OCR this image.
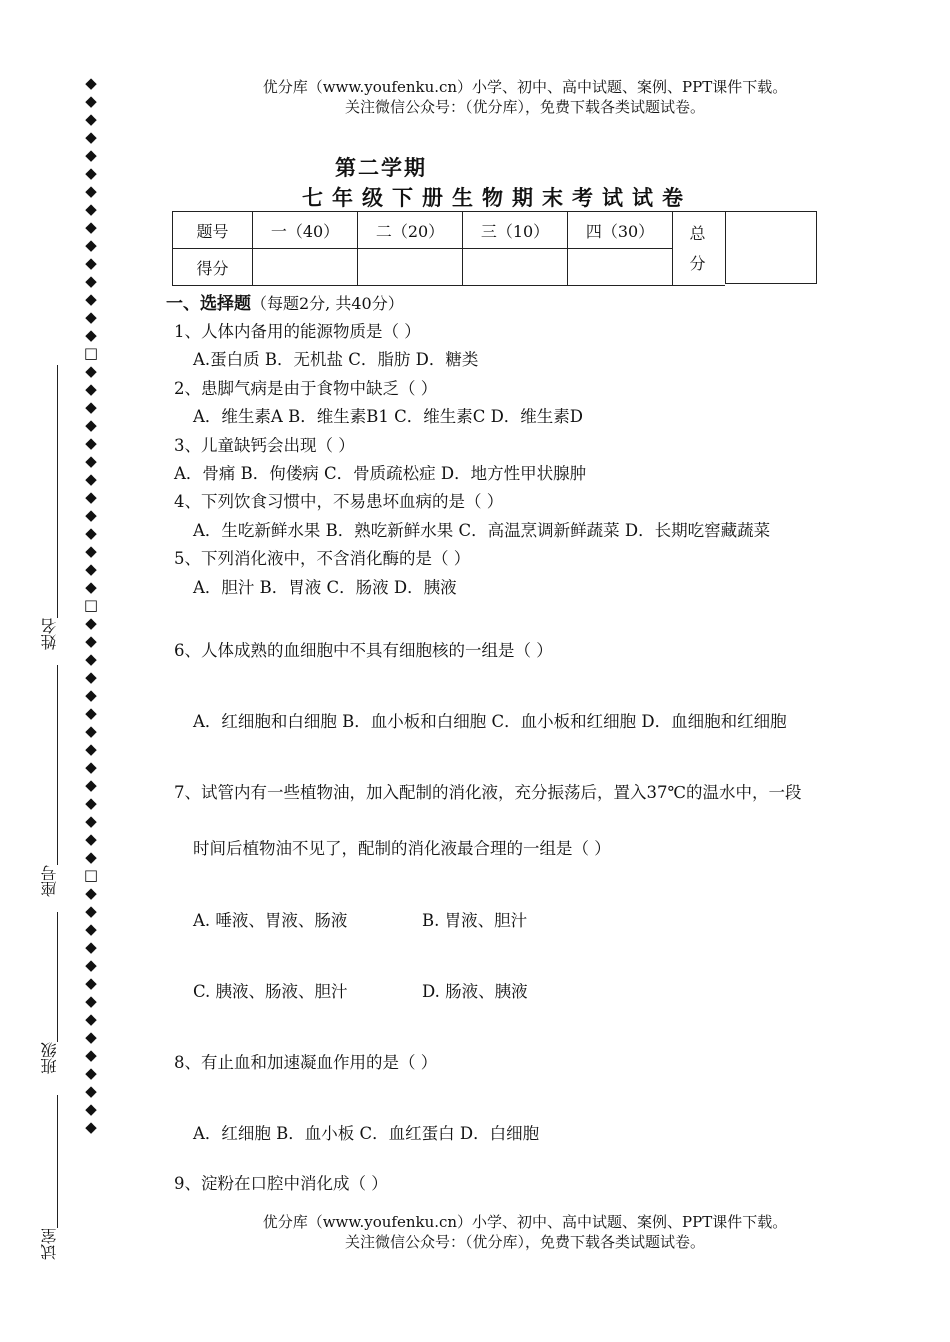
优分库（www.youfenku.cn）小学、初中、高中试题、案例、PPT课件下载。
关注微信公众号：（优分库），免费下载各类试题试卷。
第二学期
七年级下册生物期末考试试卷
题号	一（40）	二（20）	三（10）	四（30）
得分				
总
分
一、选择题（每题2分, 共40分）
1、人体内备用的能源物质是（ ）
A.蛋白质 B．无机盐 C．脂肪 D．糖类
2、患脚气病是由于食物中缺乏（ ）
A．维生素A B．维生素B1 C．维生素C D．维生素D
3、儿童缺钙会出现（ ）
A．骨痛 B．佝偻病 C．骨质疏松症 D．地方性甲状腺肿
4、下列饮食习惯中，不易患坏血病的是（ ）
A．生吃新鲜水果 B．熟吃新鲜水果 C．高温烹调新鲜蔬菜 D．长期吃窖藏蔬菜
5、下列消化液中，不含消化酶的是（ ）
A．胆汁 B．胃液 C．肠液 D．胰液
6、人体成熟的血细胞中不具有细胞核的一组是（ ）
A．红细胞和白细胞 B．血小板和白细胞 C．血小板和红细胞 D．血细胞和红细胞
7、试管内有一些植物油，加入配制的消化液，充分振荡后，置入37℃的温水中，一段
时间后植物油不见了，配制的消化液最合理的一组是（ ）
A. 唾液、胃液、肠液	B. 胃液、胆汁
C. 胰液、肠液、胆汁	D. 肠液、胰液
8、有止血和加速凝血作用的是（ ）
A．红细胞 B．血小板 C．血红蛋白 D．白细胞
9、淀粉在口腔中消化成（ ）
优分库（www.youfenku.cn）小学、初中、高中试题、案例、PPT课件下载。
关注微信公众号：（优分库），免费下载各类试题试卷。
姓名
座号
班级
试室
◆
◆
◆
◆
◆
◆
◆
◆
◆
◆
◆
◆
◆
◆
◆
□
◆
◆
◆
◆
◆
◆
◆
◆
◆
◆
◆
◆
◆
□
◆
◆
◆
◆
◆
◆
◆
◆
◆
◆
◆
◆
◆
◆
□
◆
◆
◆
◆
◆
◆
◆
◆
◆
◆
◆
◆
◆
◆
